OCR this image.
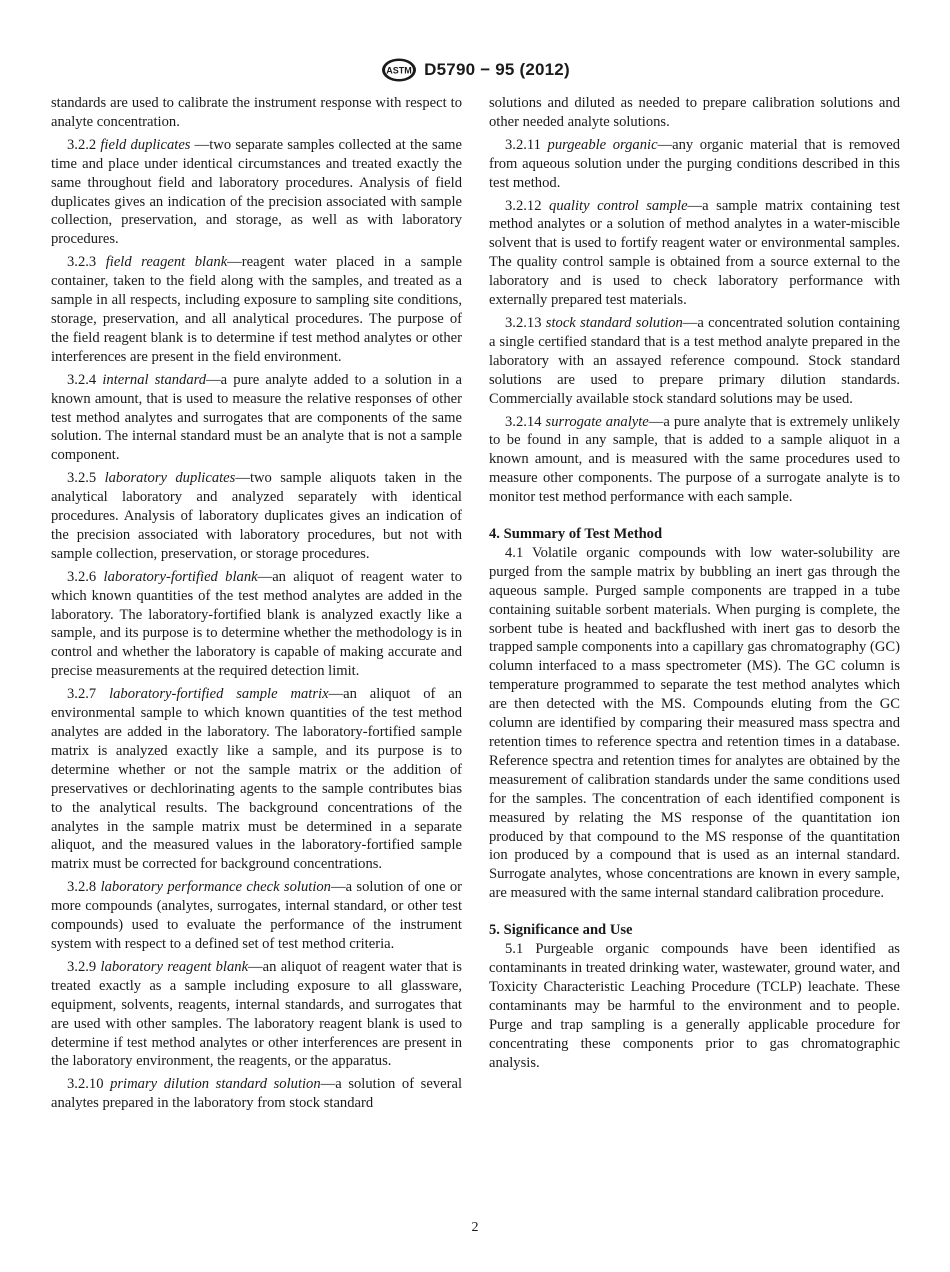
ASTM D5790 − 95 (2012)

standards are used to calibrate the instrument response with respect to analyte concentration.

3.2.2 field duplicates —two separate samples collected at the same time and place under identical circumstances and treated exactly the same throughout field and laboratory procedures. Analysis of field duplicates gives an indication of the precision associated with sample collection, preservation, and storage, as well as with laboratory procedures.

3.2.3 field reagent blank—reagent water placed in a sample container, taken to the field along with the samples, and treated as a sample in all respects, including exposure to sampling site conditions, storage, preservation, and all analytical procedures. The purpose of the field reagent blank is to determine if test method analytes or other interferences are present in the field environment.

3.2.4 internal standard—a pure analyte added to a solution in a known amount, that is used to measure the relative responses of other test method analytes and surrogates that are components of the same solution. The internal standard must be an analyte that is not a sample component.

3.2.5 laboratory duplicates—two sample aliquots taken in the analytical laboratory and analyzed separately with identical procedures. Analysis of laboratory duplicates gives an indication of the precision associated with laboratory procedures, but not with sample collection, preservation, or storage procedures.

3.2.6 laboratory-fortified blank—an aliquot of reagent water to which known quantities of the test method analytes are added in the laboratory. The laboratory-fortified blank is analyzed exactly like a sample, and its purpose is to determine whether the methodology is in control and whether the laboratory is capable of making accurate and precise measurements at the required detection limit.

3.2.7 laboratory-fortified sample matrix—an aliquot of an environmental sample to which known quantities of the test method analytes are added in the laboratory. The laboratory-fortified sample matrix is analyzed exactly like a sample, and its purpose is to determine whether or not the sample matrix or the addition of preservatives or dechlorinating agents to the sample contributes bias to the analytical results. The background concentrations of the analytes in the sample matrix must be determined in a separate aliquot, and the measured values in the laboratory-fortified sample matrix must be corrected for background concentrations.

3.2.8 laboratory performance check solution—a solution of one or more compounds (analytes, surrogates, internal standard, or other test compounds) used to evaluate the performance of the instrument system with respect to a defined set of test method criteria.

3.2.9 laboratory reagent blank—an aliquot of reagent water that is treated exactly as a sample including exposure to all glassware, equipment, solvents, reagents, internal standards, and surrogates that are used with other samples. The laboratory reagent blank is used to determine if test method analytes or other interferences are present in the laboratory environment, the reagents, or the apparatus.

3.2.10 primary dilution standard solution—a solution of several analytes prepared in the laboratory from stock standard

solutions and diluted as needed to prepare calibration solutions and other needed analyte solutions.

3.2.11 purgeable organic—any organic material that is removed from aqueous solution under the purging conditions described in this test method.

3.2.12 quality control sample—a sample matrix containing test method analytes or a solution of method analytes in a water-miscible solvent that is used to fortify reagent water or environmental samples. The quality control sample is obtained from a source external to the laboratory and is used to check laboratory performance with externally prepared test materials.

3.2.13 stock standard solution—a concentrated solution containing a single certified standard that is a test method analyte prepared in the laboratory with an assayed reference compound. Stock standard solutions are used to prepare primary dilution standards. Commercially available stock standard solutions may be used.

3.2.14 surrogate analyte—a pure analyte that is extremely unlikely to be found in any sample, that is added to a sample aliquot in a known amount, and is measured with the same procedures used to measure other components. The purpose of a surrogate analyte is to monitor test method performance with each sample.

4. Summary of Test Method

4.1 Volatile organic compounds with low water-solubility are purged from the sample matrix by bubbling an inert gas through the aqueous sample. Purged sample components are trapped in a tube containing suitable sorbent materials. When purging is complete, the sorbent tube is heated and backflushed with inert gas to desorb the trapped sample components into a capillary gas chromatography (GC) column interfaced to a mass spectrometer (MS). The GC column is temperature programmed to separate the test method analytes which are then detected with the MS. Compounds eluting from the GC column are identified by comparing their measured mass spectra and retention times to reference spectra and retention times in a database. Reference spectra and retention times for analytes are obtained by the measurement of calibration standards under the same conditions used for the samples. The concentration of each identified component is measured by relating the MS response of the quantitation ion produced by that compound to the MS response of the quantitation ion produced by a compound that is used as an internal standard. Surrogate analytes, whose concentrations are known in every sample, are measured with the same internal standard calibration procedure.

5. Significance and Use

5.1 Purgeable organic compounds have been identified as contaminants in treated drinking water, wastewater, ground water, and Toxicity Characteristic Leaching Procedure (TCLP) leachate. These contaminants may be harmful to the environment and to people. Purge and trap sampling is a generally applicable procedure for concentrating these components prior to gas chromatographic analysis.

2
